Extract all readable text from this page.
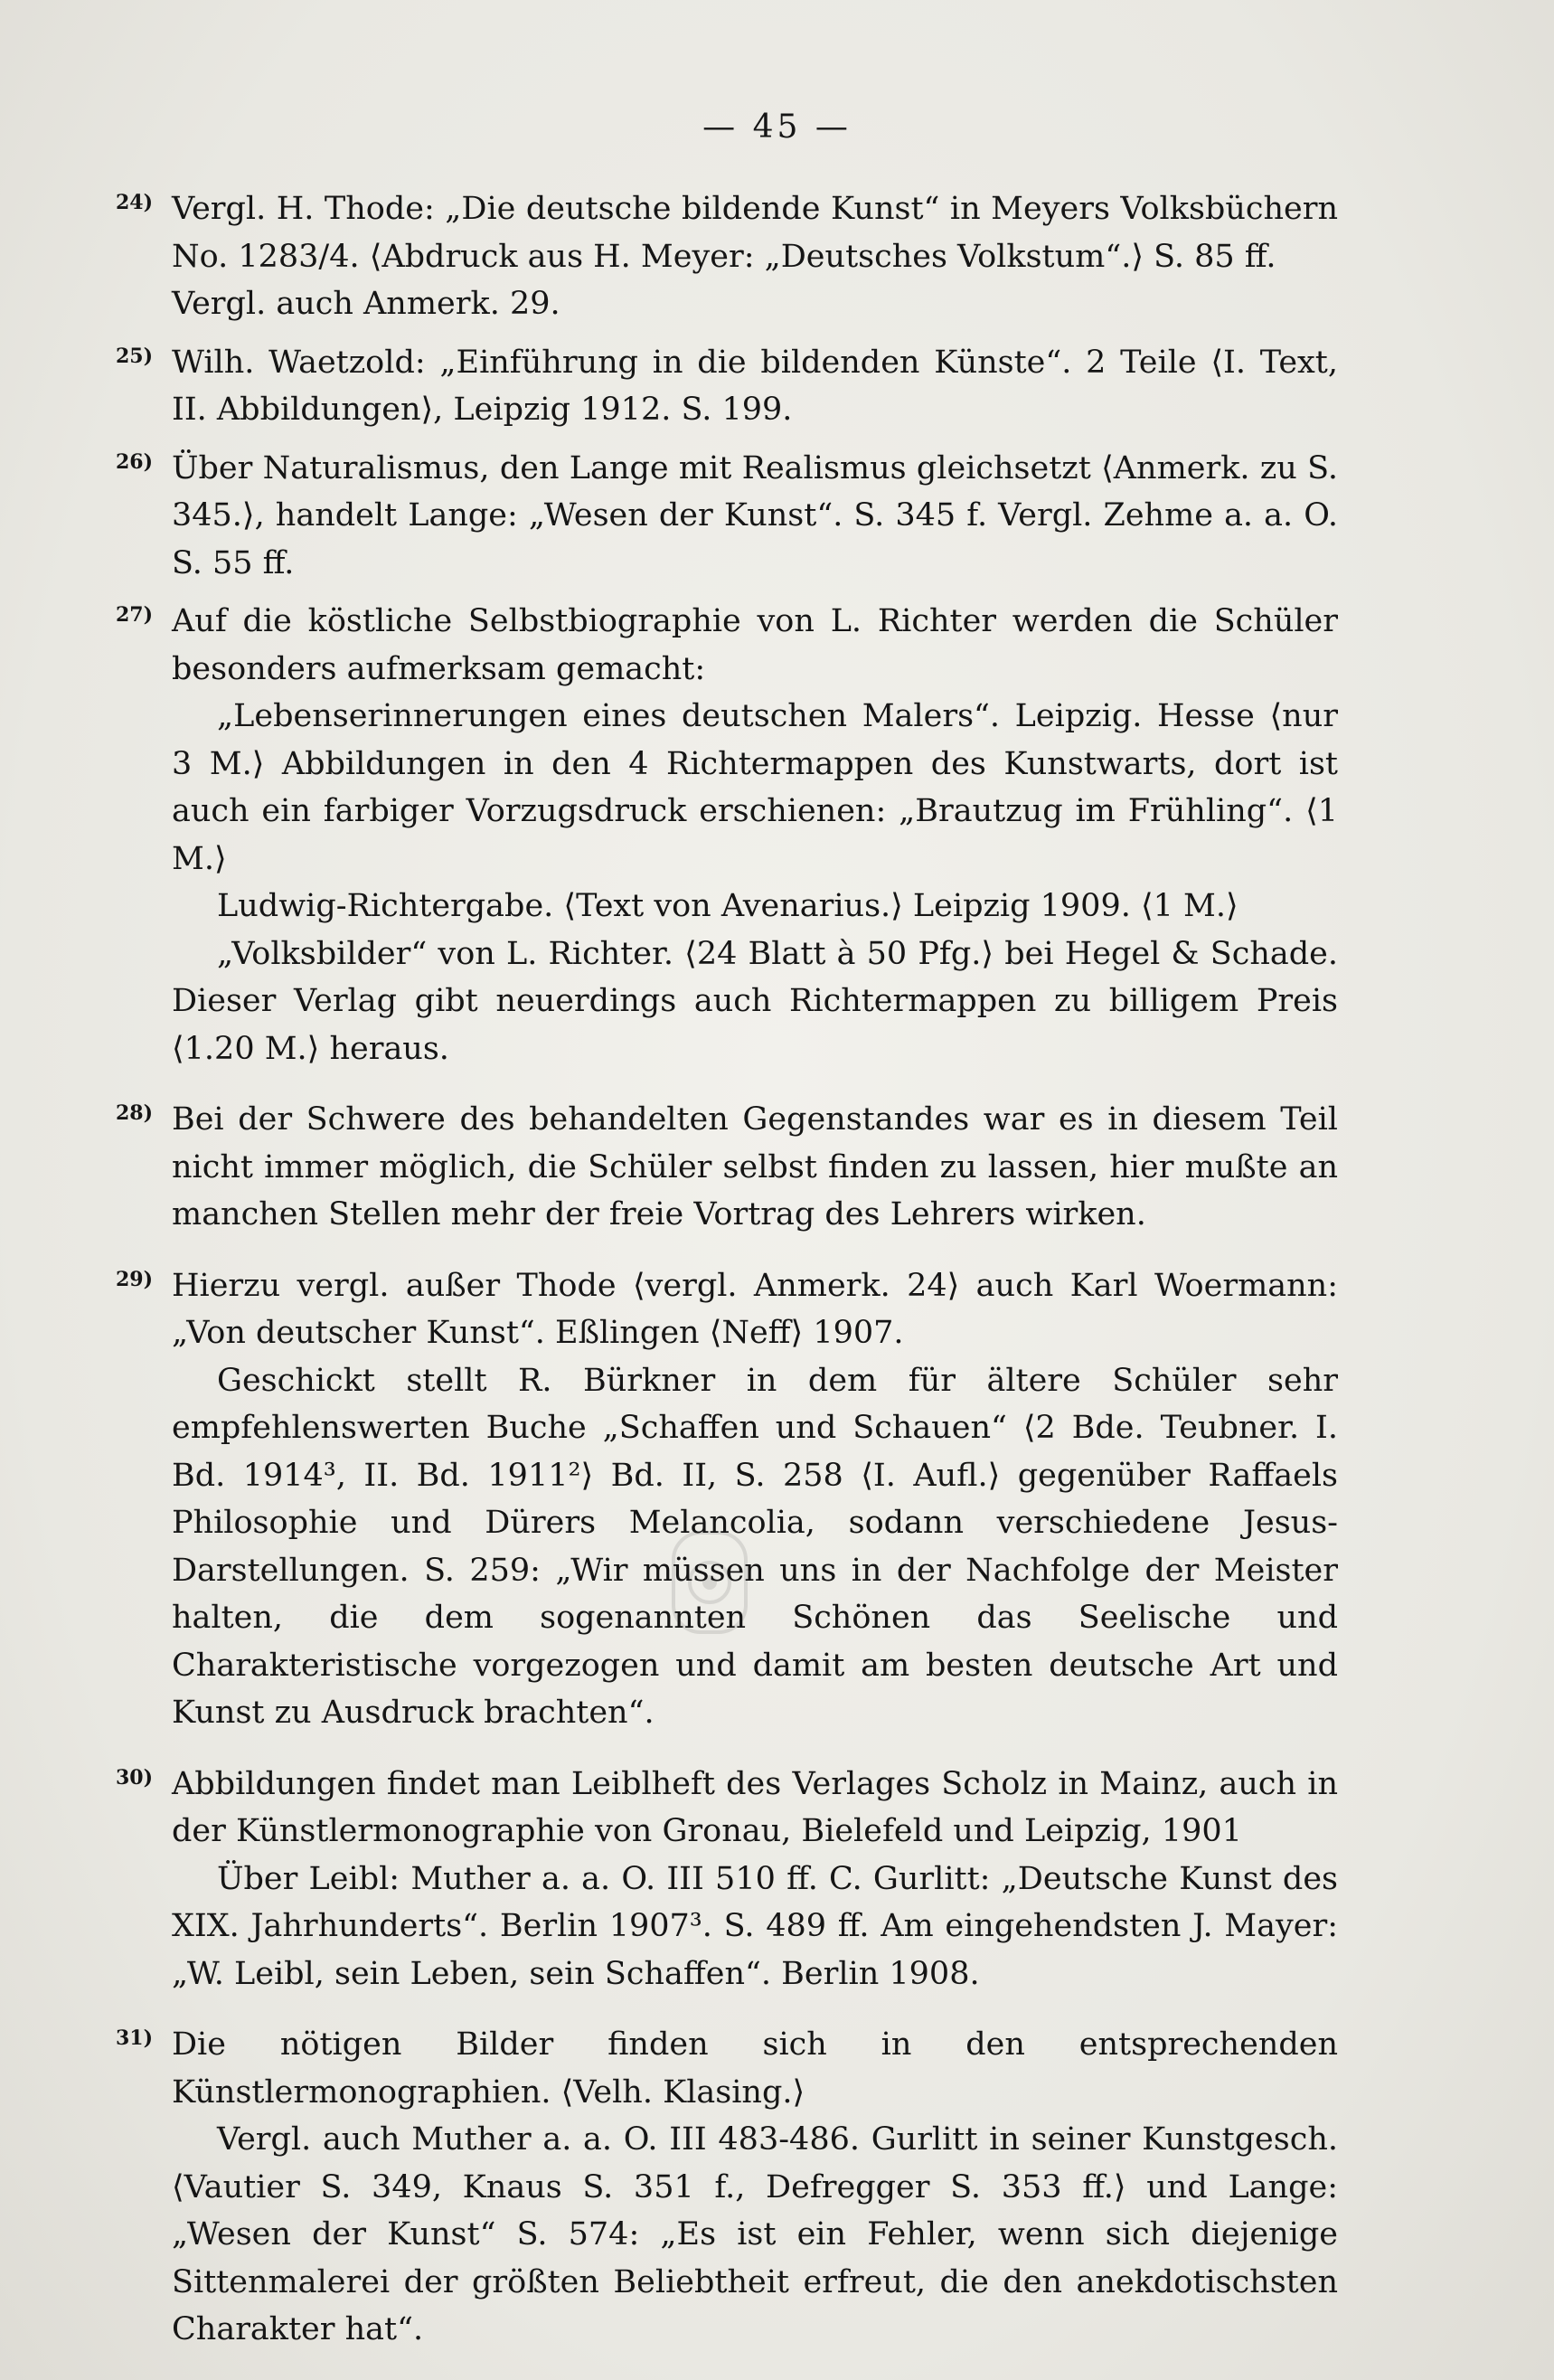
— 45 —
24) Vergl. H. Thode: „Die deutsche bildende Kunst“ in Meyers Volksbüchern No. 1283/4. ⟨Abdruck aus H. Meyer: „Deutsches Volkstum“.⟩ S. 85 ff.

Vergl. auch Anmerk. 29.

25) Wilh. Waetzold: „Einführung in die bildenden Künste“. 2 Teile ⟨I. Text, II. Abbildungen⟩, Leipzig 1912. S. 199.

26) Über Naturalismus, den Lange mit Realismus gleichsetzt ⟨Anmerk. zu S. 345.⟩, handelt Lange: „Wesen der Kunst“. S. 345 f. Vergl. Zehme a. a. O. S. 55 ff.

27) Auf die köstliche Selbstbiographie von L. Richter werden die Schüler besonders aufmerksam gemacht:

„Lebenserinnerungen eines deutschen Malers“. Leipzig. Hesse ⟨nur 3 M.⟩ Abbildungen in den 4 Richtermappen des Kunstwarts, dort ist auch ein farbiger Vorzugsdruck erschienen: „Brautzug im Frühling“. ⟨1 M.⟩

Ludwig-Richtergabe. ⟨Text von Avenarius.⟩ Leipzig 1909. ⟨1 M.⟩

„Volksbilder“ von L. Richter. ⟨24 Blatt à 50 Pfg.⟩ bei Hegel & Schade. Dieser Verlag gibt neuerdings auch Richtermappen zu billigem Preis ⟨1.20 M.⟩ heraus.

28) Bei der Schwere des behandelten Gegenstandes war es in diesem Teil nicht immer möglich, die Schüler selbst finden zu lassen, hier mußte an manchen Stellen mehr der freie Vortrag des Lehrers wirken.

29) Hierzu vergl. außer Thode ⟨vergl. Anmerk. 24⟩ auch Karl Woermann: „Von deutscher Kunst“. Eßlingen ⟨Neff⟩ 1907.

Geschickt stellt R. Bürkner in dem für ältere Schüler sehr empfehlenswerten Buche „Schaffen und Schauen“ ⟨2 Bde. Teubner. I. Bd. 1914³, II. Bd. 1911²⟩ Bd. II, S. 258 ⟨I. Aufl.⟩ gegenüber Raffaels Philosophie und Dürers Melancolia, sodann verschiedene Jesus-Darstellungen. S. 259: „Wir müssen uns in der Nachfolge der Meister halten, die dem sogenannten Schönen das Seelische und Charakteristische vorgezogen und damit am besten deutsche Art und Kunst zu Ausdruck brachten“.

30) Abbildungen findet man Leiblheft des Verlages Scholz in Mainz, auch in der Künstlermonographie von Gronau, Bielefeld und Leipzig, 1901

Über Leibl: Muther a. a. O. III 510 ff. C. Gurlitt: „Deutsche Kunst des XIX. Jahrhunderts“. Berlin 1907³. S. 489 ff. Am eingehendsten J. Mayer: „W. Leibl, sein Leben, sein Schaffen“. Berlin 1908.

31) Die nötigen Bilder finden sich in den entsprechenden Künstlermonographien. ⟨Velh. Klasing.⟩

Vergl. auch Muther a. a. O. III 483-486. Gurlitt in seiner Kunstgesch. ⟨Vautier S. 349, Knaus S. 351 f., Defregger S. 353 ff.⟩ und Lange: „Wesen der Kunst“ S. 574: „Es ist ein Fehler, wenn sich diejenige Sittenmalerei der größten Beliebtheit erfreut, die den anekdotischsten Charakter hat“.
